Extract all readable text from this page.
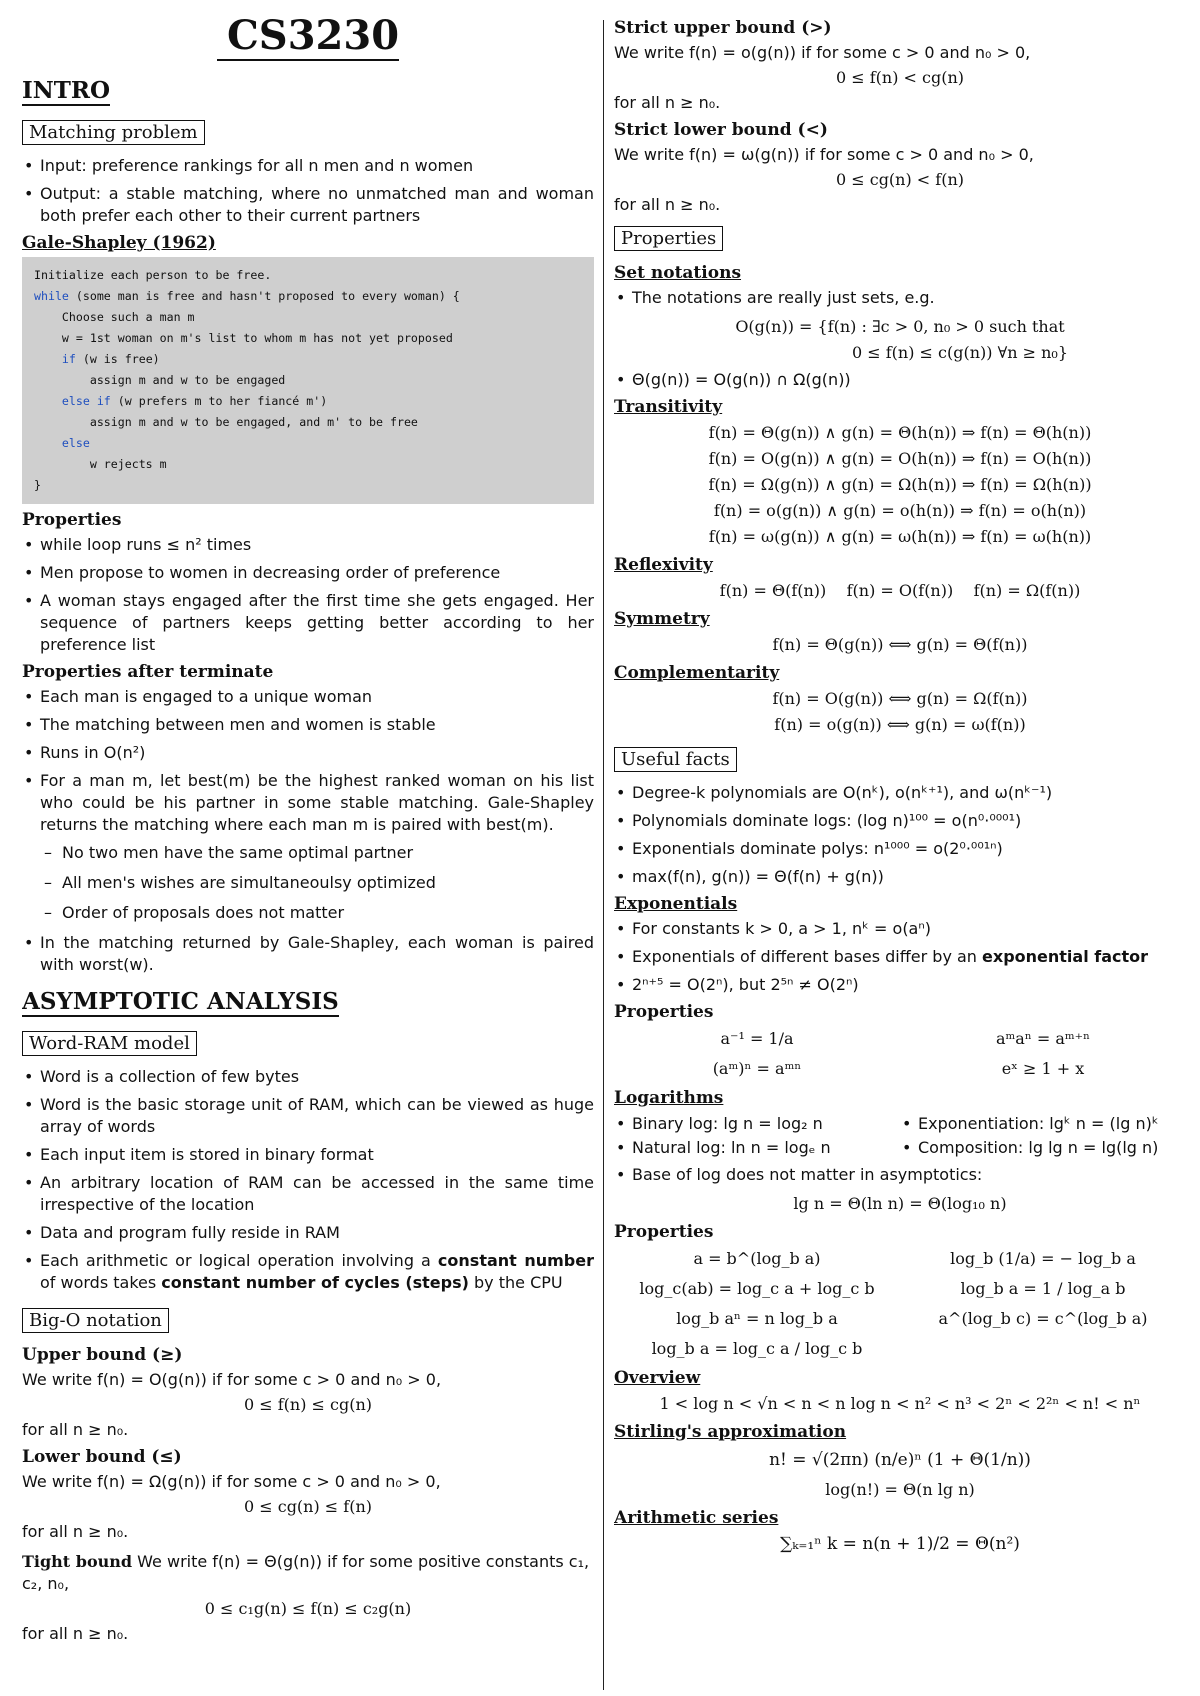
CS3230
INTRO
Matching problem
• Input: preference rankings for all n men and n women
• Output: a stable matching, where no unmatched man and woman both prefer each other to their current partners
Gale-Shapley (1962)
Initialize each person to be free.
while (some man is free and hasn't proposed to every woman) {
Choose such a man m
w = 1st woman on m's list to whom m has not yet proposed
if (w is free)
assign m and w to be engaged
else if (w prefers m to her fiancé m')
assign m and w to be engaged, and m' to be free
else
w rejects m
}
Properties
• while loop runs ≤ n² times
• Men propose to women in decreasing order of preference
• A woman stays engaged after the first time she gets engaged. Her sequence of partners keeps getting better according to her preference list
Properties after terminate
• Each man is engaged to a unique woman
• The matching between men and women is stable
• Runs in O(n²)
• For a man m, let best(m) be the highest ranked woman on his list who could be his partner in some stable matching. Gale-Shapley returns the matching where each man m is paired with best(m).
– No two men have the same optimal partner
– All men's wishes are simultaneoulsy optimized
– Order of proposals does not matter
• In the matching returned by Gale-Shapley, each woman is paired with worst(w).
ASYMPTOTIC ANALYSIS
Word-RAM model
• Word is a collection of few bytes
• Word is the basic storage unit of RAM, which can be viewed as huge array of words
• Each input item is stored in binary format
• An arbitrary location of RAM can be accessed in the same time irrespective of the location
• Data and program fully reside in RAM
• Each arithmetic or logical operation involving a constant number of words takes constant number of cycles (steps) by the CPU
Big-O notation
Upper bound (≥)

We write f(n) = O(g(n)) if for some c > 0 and n₀ > 0,

0 ≤ f(n) ≤ cg(n)

for all n ≥ n₀.

Lower bound (≤)

We write f(n) = Ω(g(n)) if for some c > 0 and n₀ > 0,

0 ≤ cg(n) ≤ f(n)

for all n ≥ n₀.

Tight bound We write f(n) = Θ(g(n)) if for some positive constants c₁, c₂, n₀,

0 ≤ c₁g(n) ≤ f(n) ≤ c₂g(n)

for all n ≥ n₀.

Strict upper bound (>)

We write f(n) = o(g(n)) if for some c > 0 and n₀ > 0,

0 ≤ f(n) < cg(n)

for all n ≥ n₀.

Strict lower bound (<)

We write f(n) = ω(g(n)) if for some c > 0 and n₀ > 0,

0 ≤ cg(n) < f(n)

for all n ≥ n₀.

Properties
Set notations
• The notations are really just sets, e.g.
O(g(n)) = {f(n) : ∃c > 0, n₀ > 0 such that
0 ≤ f(n) ≤ c(g(n)) ∀n ≥ n₀}
• Θ(g(n)) = O(g(n)) ∩ Ω(g(n))
Transitivity
f(n) = Θ(g(n)) ∧ g(n) = Θ(h(n)) ⇒ f(n) = Θ(h(n))
f(n) = O(g(n)) ∧ g(n) = O(h(n)) ⇒ f(n) = O(h(n))
f(n) = Ω(g(n)) ∧ g(n) = Ω(h(n)) ⇒ f(n) = Ω(h(n))
f(n) = o(g(n)) ∧ g(n) = o(h(n)) ⇒ f(n) = o(h(n))
f(n) = ω(g(n)) ∧ g(n) = ω(h(n)) ⇒ f(n) = ω(h(n))
Reflexivity
f(n) = Θ(f(n))    f(n) = O(f(n))    f(n) = Ω(f(n))
Symmetry
f(n) = Θ(g(n)) ⟺ g(n) = Θ(f(n))
Complementarity
f(n) = O(g(n)) ⟺ g(n) = Ω(f(n))
f(n) = o(g(n)) ⟺ g(n) = ω(f(n))
Useful facts
• Degree-k polynomials are O(nᵏ), o(nᵏ⁺¹), and ω(nᵏ⁻¹)
• Polynomials dominate logs: (log n)¹⁰⁰ = o(n⁰·⁰⁰⁰¹)
• Exponentials dominate polys: n¹⁰⁰⁰ = o(2⁰·⁰⁰¹ⁿ)
• max(f(n), g(n)) = Θ(f(n) + g(n))
Exponentials
• For constants k > 0, a > 1, nᵏ = o(aⁿ)
• Exponentials of different bases differ by an exponential factor
• 2ⁿ⁺⁵ = O(2ⁿ), but 2⁵ⁿ ≠ O(2ⁿ)
Properties
a⁻¹ = 1/a	aᵐaⁿ = aᵐ⁺ⁿ
(aᵐ)ⁿ = aᵐⁿ	eˣ ≥ 1 + x
Logarithms
• Binary log: lg n = log₂ n	• Exponentiation: lgᵏ n = (lg n)ᵏ
• Natural log: ln n = logₑ n	• Composition: lg lg n = lg(lg n)
• Base of log does not matter in asymptotics:
lg n = Θ(ln n) = Θ(log₁₀ n)
Properties
a = b^(log_b a)	log_b (1/a) = − log_b a
log_c(ab) = log_c a + log_c b	log_b a = 1 / log_a b
log_b aⁿ = n log_b a	a^(log_b c) = c^(log_b a)
log_b a = log_c a / log_c b
Overview
1 < log n < √n < n < n log n < n² < n³ < 2ⁿ < 2²ⁿ < n! < nⁿ
Stirling's approximation
n! = √(2πn) (n/e)ⁿ (1 + Θ(1/n))
log(n!) = Θ(n lg n)
Arithmetic series
∑ₖ₌₁ⁿ k = n(n + 1)/2 = Θ(n²)
